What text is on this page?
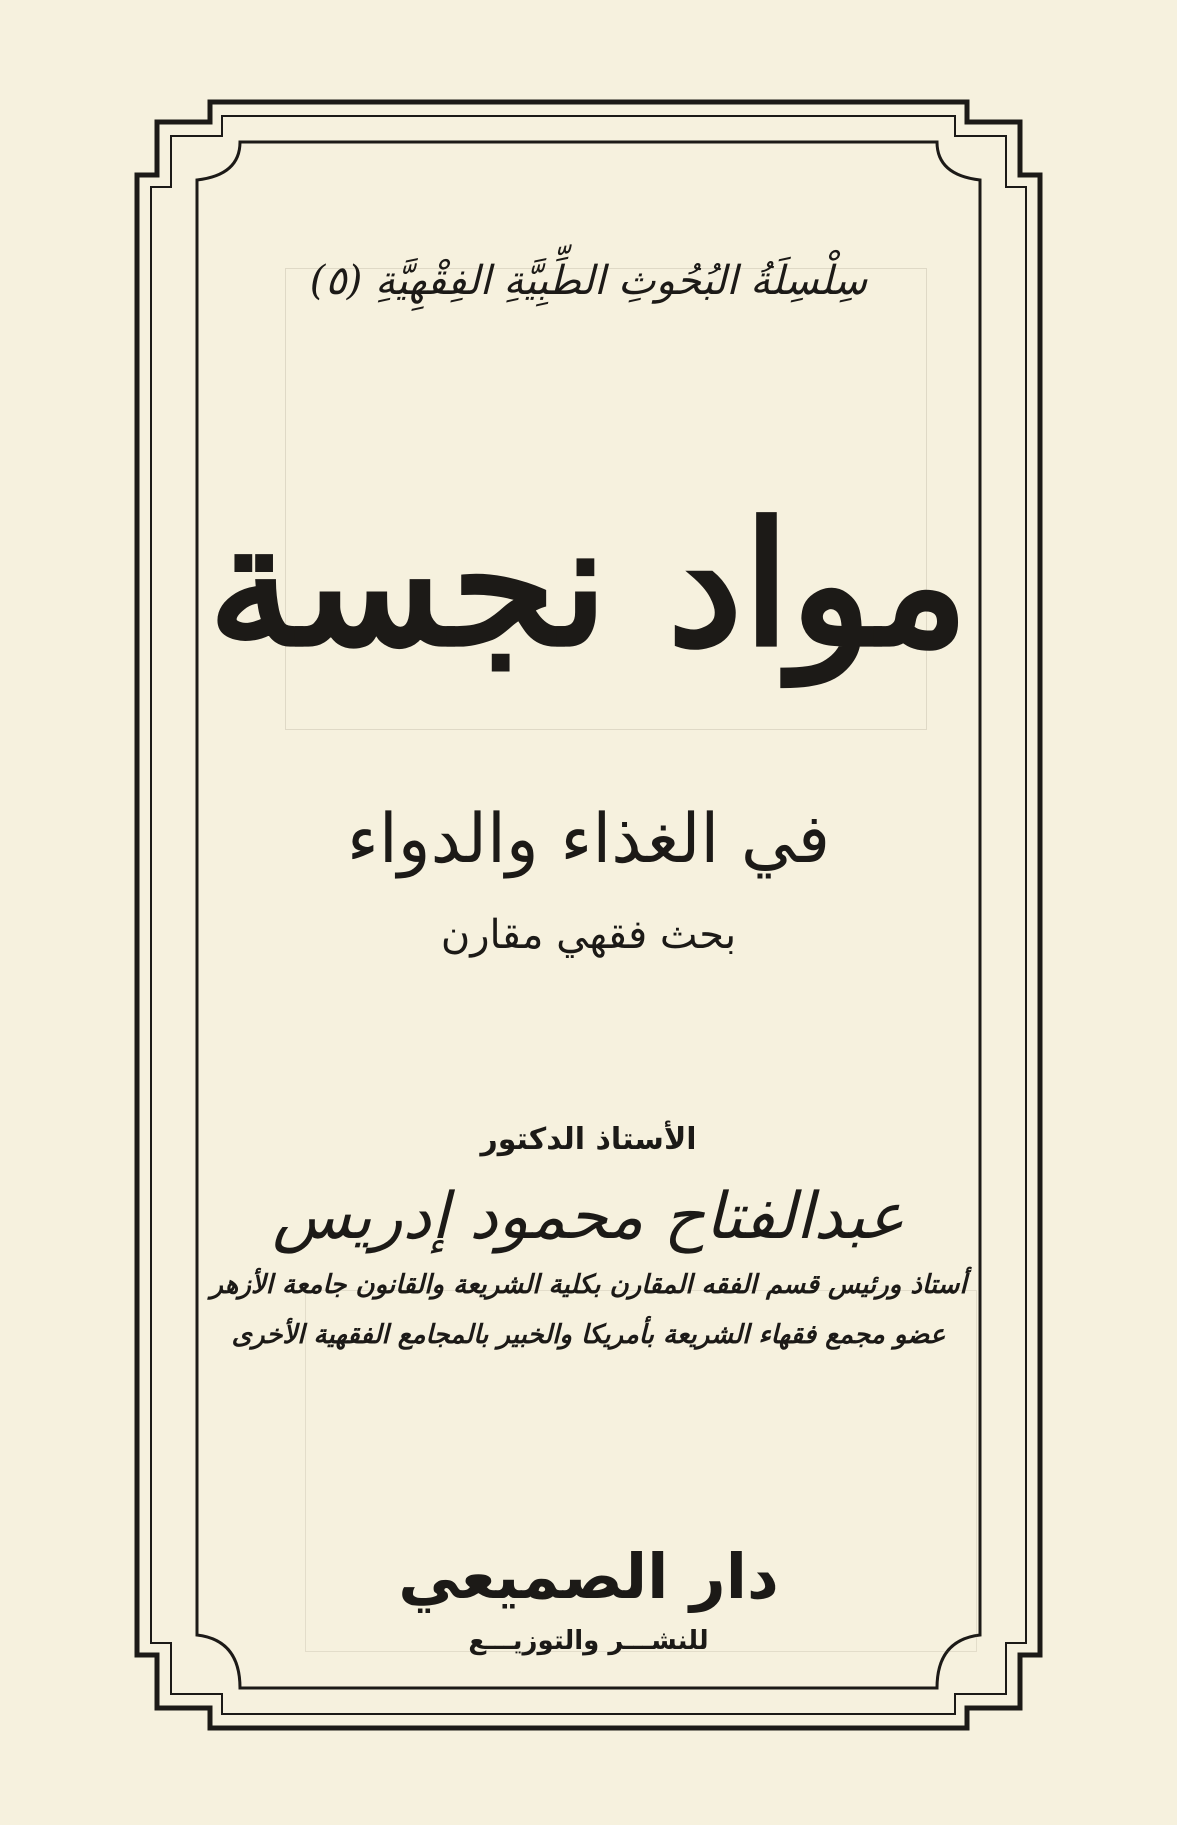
سِلْسِلَةُ البُحُوثِ الطِّبِيَّةِ الفِقْهِيَّةِ (٥)
مواد نجسة
في الغذاء والدواء
بحث فقهي مقارن
الأستاذ الدكتور
عبدالفتاح محمود إدريس
أستاذ ورئيس قسم الفقه المقارن بكلية الشريعة والقانون جامعة الأزهر
عضو مجمع فقهاء الشريعة بأمريكا والخبير بالمجامع الفقهية الأخرى
دار الصميعي
للنشـــر والتوزيـــع
